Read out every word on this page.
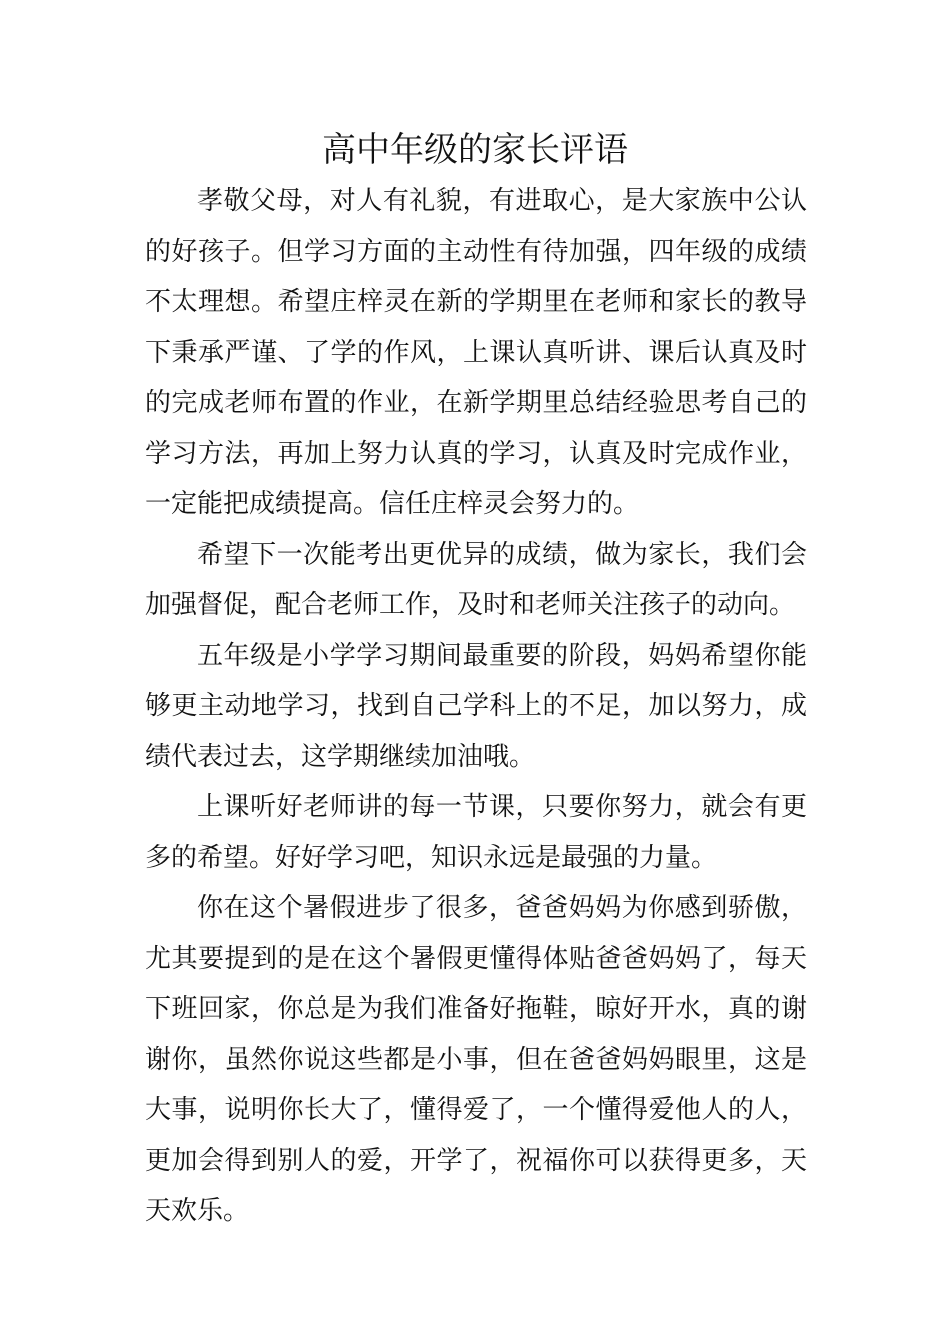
高中年级的家长评语

孝敬父母，对人有礼貌，有进取心，是大家族中公认的好孩子。但学习方面的主动性有待加强，四年级的成绩不太理想。希望庄梓灵在新的学期里在老师和家长的教导下秉承严谨、了学的作风，上课认真听讲、课后认真及时的完成老师布置的作业，在新学期里总结经验思考自己的学习方法，再加上努力认真的学习，认真及时完成作业，一定能把成绩提高。信任庄梓灵会努力的。

希望下一次能考出更优异的成绩，做为家长，我们会加强督促，配合老师工作，及时和老师关注孩子的动向。

五年级是小学学习期间最重要的阶段，妈妈希望你能够更主动地学习，找到自己学科上的不足，加以努力，成绩代表过去，这学期继续加油哦。

上课听好老师讲的每一节课，只要你努力，就会有更多的希望。好好学习吧，知识永远是最强的力量。

你在这个暑假进步了很多，爸爸妈妈为你感到骄傲，尤其要提到的是在这个暑假更懂得体贴爸爸妈妈了，每天下班回家，你总是为我们准备好拖鞋，晾好开水，真的谢谢你，虽然你说这些都是小事，但在爸爸妈妈眼里，这是大事，说明你长大了，懂得爱了，一个懂得爱他人的人，更加会得到别人的爱，开学了，祝福你可以获得更多，天天欢乐。
